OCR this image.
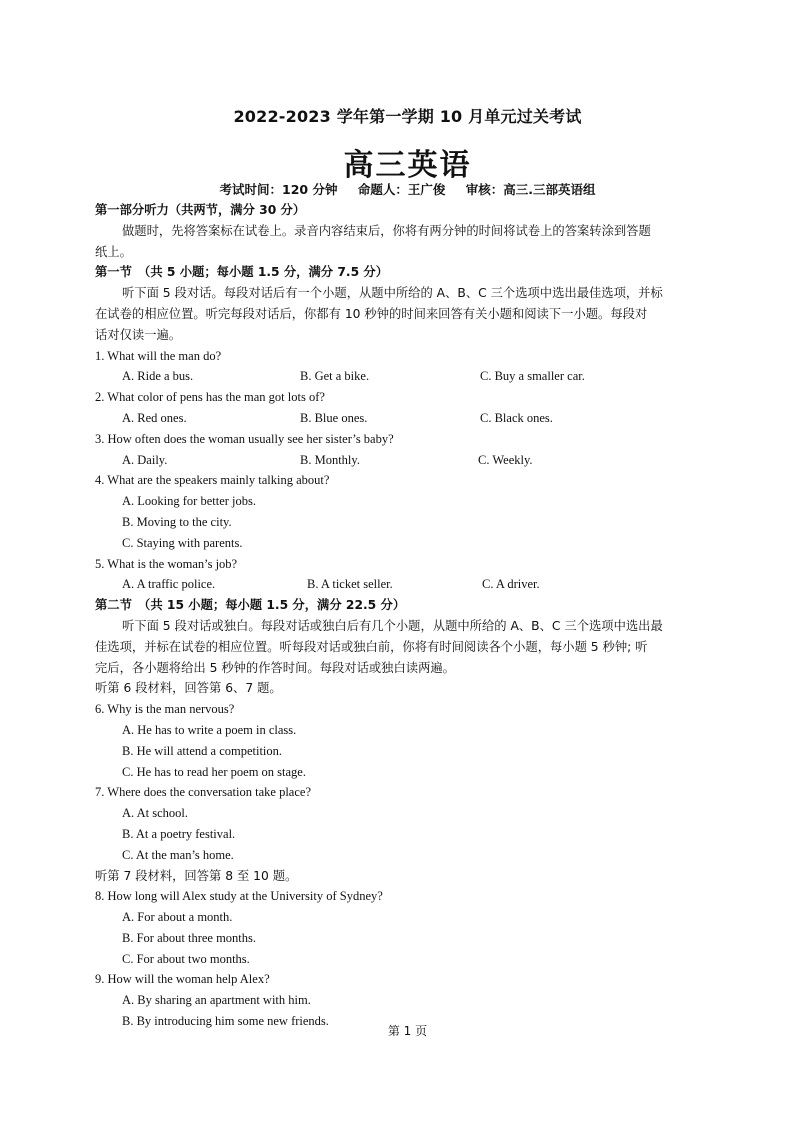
2022-2023 学年第一学期 10 月单元过关考试
高三英语
考试时间：120 分钟 命题人：王广俊 审核：高三.三部英语组
第一部分听力（共两节，满分 30 分）
做题时，先将答案标在试卷上。录音内容结束后，你将有两分钟的时间将试卷上的答案转涂到答题
纸上。
第一节　（共 5 小题；每小题 1.5 分，满分 7.5 分）
听下面 5 段对话。每段对话后有一个小题，从题中所给的 A、B、C 三个选项中选出最佳选项，并标
在试卷的相应位置。听完每段对话后，你都有 10 秒钟的时间来回答有关小题和阅读下一小题。每段对
话对仅读一遍。
1. What will the man do?
A. Ride a bus.	B. Get a bike.	C. Buy a smaller car.
2. What color of pens has the man got lots of?
A. Red ones.	B. Blue ones.	C. Black ones.
3. How often does the woman usually see her sister’s baby?
A. Daily.	B. Monthly.	C. Weekly.
4. What are the speakers mainly talking about?
A. Looking for better jobs.
B. Moving to the city.
C. Staying with parents.
5. What is the woman’s job?
A. A traffic police.	B. A ticket seller.	C. A driver.
第二节　（共 15 小题；每小题 1.5 分，满分 22.5 分）
听下面 5 段对话或独白。每段对话或独白后有几个小题，从题中所给的 A、B、C 三个选项中选出最
佳选项，并标在试卷的相应位置。听每段对话或独白前，你将有时间阅读各个小题，每小题 5 秒钟; 听
完后，各小题将给出 5 秒钟的作答时间。每段对话或独白读两遍。
听第 6 段材料，回答第 6、7 题。
6. Why is the man nervous?
A. He has to write a poem in class.
B. He will attend a competition.
C. He has to read her poem on stage.
7. Where does the conversation take place?
A. At school.
B. At a poetry festival.
C. At the man’s home.
听第 7 段材料，回答第 8 至 10 题。
8. How long will Alex study at the University of Sydney?
A. For about a month.
B. For about three months.
C. For about two months.
9. How will the woman help Alex?
A. By sharing an apartment with him.
B. By introducing him some new friends.
第 1 页
